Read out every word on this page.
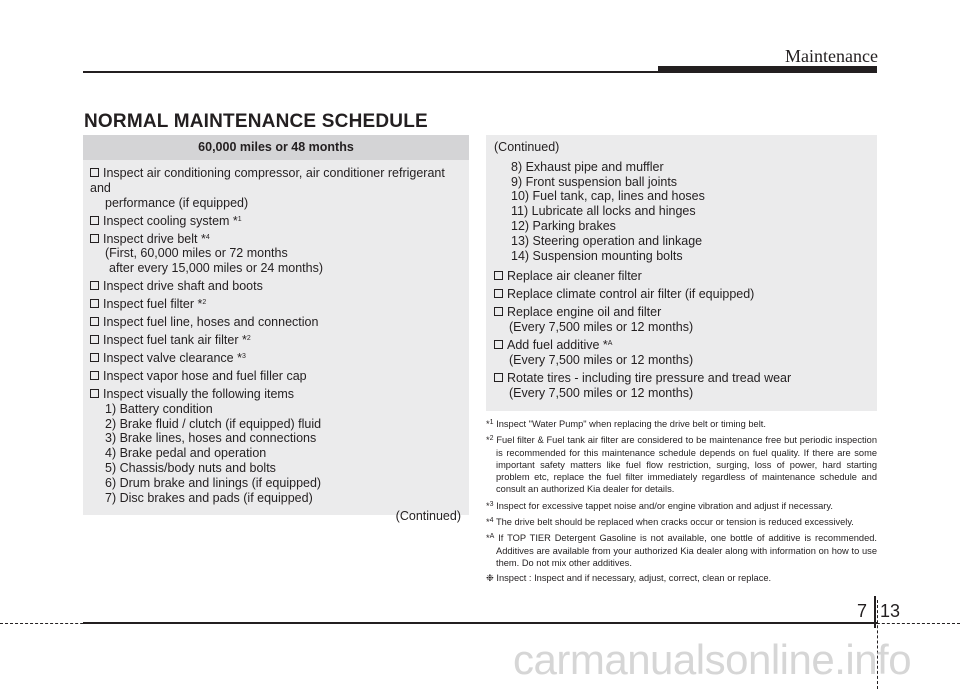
Maintenance
NORMAL MAINTENANCE SCHEDULE
60,000 miles or 48 months
Inspect air conditioning compressor, air conditioner refrigerant and
performance (if equipped)
Inspect cooling system *$^1$
Inspect drive belt *$^4$
(First, 60,000 miles or 72 months
after every 15,000 miles or 24 months)
Inspect drive shaft and boots
Inspect fuel filter *$^2$
Inspect fuel line, hoses and connection
Inspect fuel tank air filter *$^2$
Inspect valve clearance *$^3$
Inspect vapor hose and fuel filler cap
Inspect visually the following items
1) Battery condition
2) Brake fluid / clutch (if equipped) fluid
3) Brake lines, hoses and connections
4) Brake pedal and operation
5) Chassis/body nuts and bolts
6) Drum brake and linings (if equipped)
7) Disc brakes and pads (if equipped)
(Continued)
(Continued)
8) Exhaust pipe and muffler
9) Front suspension ball joints
10) Fuel tank, cap, lines and hoses
11) Lubricate all locks and hinges
12) Parking brakes
13) Steering operation and linkage
14) Suspension mounting bolts
Replace air cleaner filter
Replace climate control air filter (if equipped)
Replace engine oil and filter
(Every 7,500 miles or 12 months)
Add fuel additive *$^A$
(Every 7,500 miles or 12 months)
Rotate tires - including tire pressure and tread wear
(Every 7,500 miles or 12 months)
*$^1$ Inspect "Water Pump" when replacing the drive belt or timing belt.
*$^2$ Fuel filter & Fuel tank air filter are considered to be maintenance free but periodic inspection is recommended for this maintenance schedule depends on fuel quality. If there are some important safety matters like fuel flow restriction, surging, loss of power, hard starting problem etc, replace the fuel filter immediately regardless of maintenance schedule and consult an authorized Kia dealer for details.
*$^3$ Inspect for excessive tappet noise and/or engine vibration and adjust if necessary.
*$^4$ The drive belt should be replaced when cracks occur or tension is reduced excessively.
*$^A$ If TOP TIER Detergent Gasoline is not available, one bottle of additive is recommended. Additives are available from your authorized Kia dealer along with information on how to use them. Do not mix other additives.
❉ Inspect : Inspect and if necessary, adjust, correct, clean or replace.
7 13
carmanualsonline.info
